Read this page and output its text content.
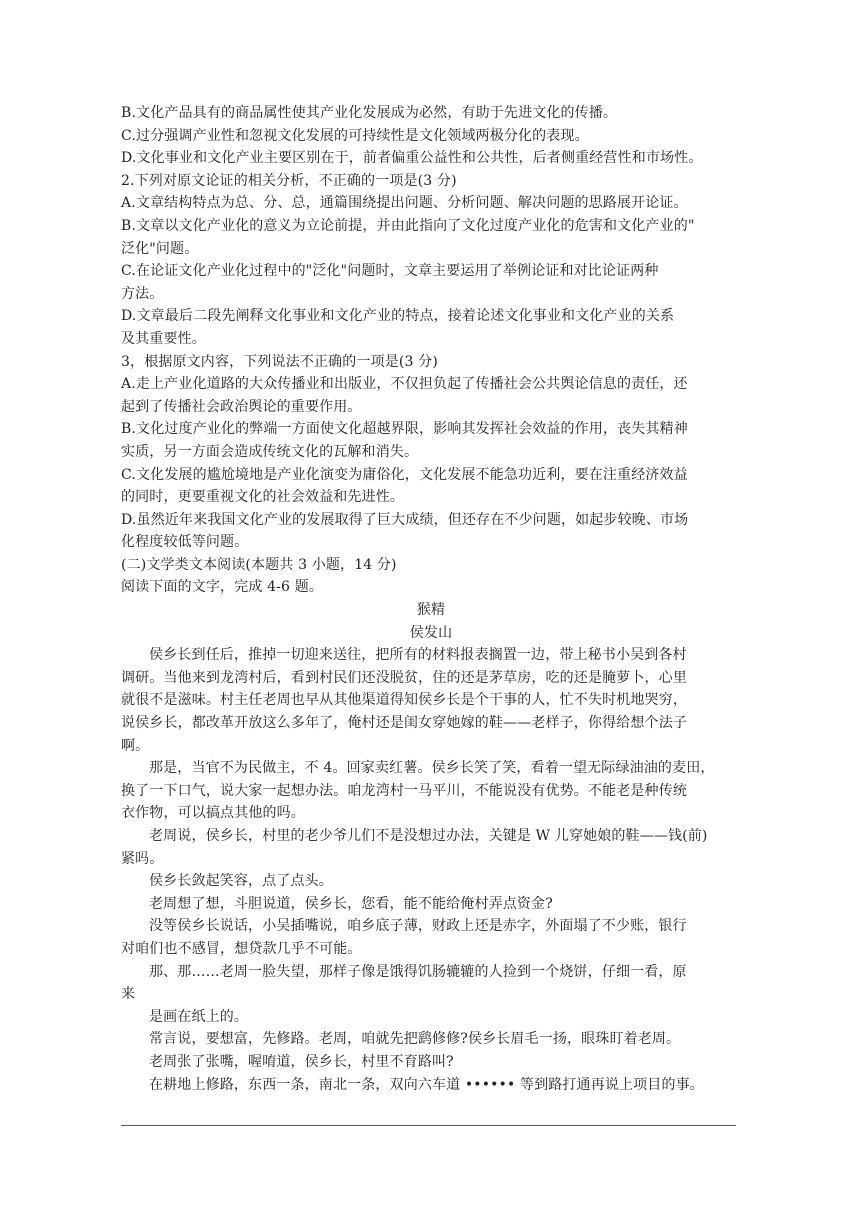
B.文化产品具有的商品属性使其产业化发展成为必然，有助于先进文化的传播。
C.过分强调产业性和忽视文化发展的可持续性是文化领域两极分化的表现。
D.文化事业和文化产业主要区别在于，前者偏重公益性和公共性，后者侧重经营性和市场性。
2.下列对原文论证的相关分析，不正确的一项是(3 分)
A.文章结构特点为总、分、总，通篇围绕提出问题、分析问题、解决问题的思路展开论证。
B.文章以文化产业化的意义为立论前提，并由此指向了文化过度产业化的危害和文化产业的"
泛化"问题。
C.在论证文化产业化过程中的"泛化"问题时，文章主要运用了举例论证和对比论证两种
方法。
D.文章最后二段先阐释文化事业和文化产业的特点，接着论述文化事业和文化产业的关系
及其重要性。
3，根据原文内容，下列说法不正确的一项是(3 分)
A.走上产业化道路的大众传播业和出版业，不仅担负起了传播社会公共舆论信息的责任，还
起到了传播社会政治舆论的重要作用。
B.文化过度产业化的弊端一方面使文化超越界限，影响其发挥社会效益的作用，丧失其精神
实质，另一方面会造成传统文化的瓦解和消失。
C.文化发展的尴尬境地是产业化演变为庸俗化，文化发展不能急功近利，要在注重经济效益
的同时，更要重视文化的社会效益和先进性。
D.虽然近年来我国文化产业的发展取得了巨大成绩，但还存在不少问题，如起步较晚、市场
化程度较低等问题。
(二)文学类文本阅读(本题共 3 小题，14 分)
阅读下面的文字，完成 4-6 题。
猴精
侯发山
侯乡长到任后，推掉一切迎来送往，把所有的材料报表搁置一边，带上秘书小吴到各村
调研。当他来到龙湾村后，看到村民们还没脱贫，住的还是茅草房，吃的还是腌萝卜，心里
就很不是滋味。村主任老周也早从其他渠道得知侯乡长是个干事的人，忙不失时机地哭穷，
说侯乡长，都改革开放这么多年了，俺村还是闺女穿她嫁的鞋——老样子，你得给想个法子
啊。
那是，当官不为民做主，不 4。回家卖红薯。侯乡长笑了笑，看着一望无际绿油油的麦田，
换了一下口气，说大家一起想办法。咱龙湾村一马平川，不能说没有优势。不能老是种传统
衣作物，可以搞点其他的吗。
老周说，侯乡长，村里的老少爷儿们不是没想过办法，关键是 W 儿穿她娘的鞋——钱(前)
紧吗。
侯乡长敛起笑容，点了点头。
老周想了想，斗胆说道，侯乡长，您看，能不能给俺村弄点资金?
没等侯乡长说话，小吴插嘴说，咱乡底子薄，财政上还是赤字，外面塌了不少账，银行
对咱们也不感冒，想贷款几乎不可能。
那、那……老周一脸失望，那样子像是饿得饥肠辘辘的人捡到一个烧饼，仔细一看，原
来
是画在纸上的。
常言说，要想富，先修路。老周，咱就先把鹞修修?侯乡长眉毛一扬，眼珠盯着老周。
老周张了张嘴，喔唷道，侯乡长，村里不育路叫?
在耕地上修路，东西一条，南北一条，双向六车道 •••••• 等到路打通再说上项目的事。
